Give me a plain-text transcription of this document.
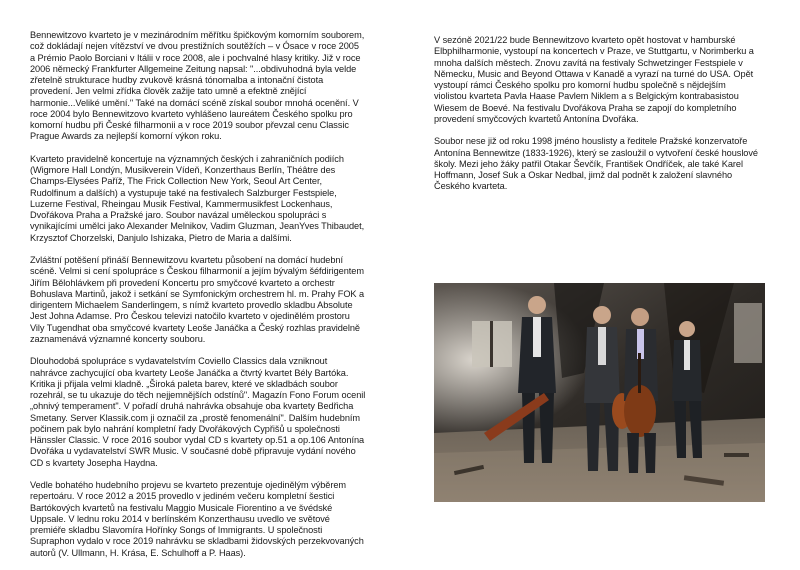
Bennewitzovo kvarteto je v mezinárodním měřítku špičkovým komorním souborem,
což dokládají nejen vítězství ve dvou prestižních soutěžích – v Ósace v roce 2005
a Prémio Paolo Borciani v Itálii v roce 2008, ale i pochvalné hlasy kritiky. Již v roce
2006 německý Frankfurter Allgemeine Zeitung napsal: "...obdivuhodná byla velde
zřetelně strukturace hudby zvukově krásná tónomalba a intonační čistota
provedení. Jen velmi zřídka člověk zažije tato umně a efektně znějící
harmonie...Veliké umění." Také na domácí scéně získal soubor mnohá ocenění. V
roce 2004 bylo Bennewitzovo kvarteto vyhlášeno laureátem Českého spolku pro
komorní hudbu při České filharmonii a v roce 2019 soubor převzal cenu Classic
Prague Awards za nejlepší komorní výkon roku.

Kvarteto pravidelně koncertuje na významných českých i zahraničních podiích
(Wigmore Hall Londýn, Musikverein Vídeň, Konzerthaus Berlín, Théâtre des
Champs-Elysées Paříž, The Frick Collection New York, Seoul Art Center,
Rudolfinum a dalších) a vystupuje také na festivalech Salzburger Festspiele,
Luzerne Festival, Rheingau Musik Festival, Kammermusikfest Lockenhaus,
Dvořákova Praha a Pražské jaro. Soubor navázal uměleckou spolupráci s
vynikajícími umělci jako Alexander Melnikov, Vadim Gluzman, JeanYves Thibaudet,
Krzysztof Chorzelski, Danjulo Ishizaka, Pietro de Maria a dalšími.

Zvláštní potěšení přináší Bennewitzovu kvartetu působení na domácí hudební
scéně. Velmi si cení spolupráce s Českou filharmonií a jejím bývalým šéfdirigentem
Jiřím Bělohlávkem při provedení Koncertu pro smyčcové kvarteto a orchestr
Bohuslava Martinů, jakož i setkání se Symfonickým orchestrem hl. m. Prahy FOK a
dirigentem Michaelem Sanderlingem, s nímž kvarteto provedlo skladbu Absolute
Jest Johna Adamse. Pro Českou televizi natočilo kvarteto v ojedinělém prostoru
Vily Tugendhat oba smyčcové kvartety Leoše Janáčka a Český rozhlas pravidelně
zaznamenává významné koncerty souboru.

Dlouhodobá spolupráce s vydavatelstvím Coviello Classics dala vzniknout
nahrávce zachycující oba kvartety Leoše Janáčka a čtvrtý kvartet Bély Bartóka.
Kritika ji přijala velmi kladně. „Široká paleta barev, které ve skladbách soubor
rozehrál, se tu ukazuje do těch nejjemnějších odstínů". Magazín Fono Forum ocenil
„ohnivý temperament". V pořadí druhá nahrávka obsahuje oba kvartety Bedřicha
Smetany. Server Klassik.com ji označil za „prostě fenomenální". Dalším hudebním
počinem pak bylo nahrání kompletní řady Dvořákových Cypřišů u společnosti
Hänssler Classic. V roce 2016 soubor vydal CD s kvartety op.51 a op.106 Antonína
Dvořáka u vydavatelství SWR Music. V současné době připravuje vydání nového
CD s kvartety Josepha Haydna.

Vedle bohatého hudebního projevu se kvarteto prezentuje ojedinělým výběrem
repertoáru. V roce 2012 a 2015 provedlo v jediném večeru kompletní šestici
Bartókových kvartetů na festivalu Maggio Musicale Fiorentino a ve švédské
Uppsale. V lednu roku 2014 v berlínském Konzerthausu uvedlo ve světové
premiéře skladbu Slavomíra Hořínky Songs of Immigrants. U společnosti
Supraphon vydalo v roce 2019 nahrávku se skladbami židovských perzekvovaných
autorů (V. Ullmann, H. Krása, E. Schulhoff a P. Haas).

V sezóně 2021/22 bude Bennewitzovo kvarteto opět hostovat v hamburské
Elbphilharmonie, vystoupí na koncertech v Praze, ve Stuttgartu, v Norimberku a
mnoha dalších městech. Znovu zavítá na festivaly Schwetzinger Festspiele v
Německu, Music and Beyond Ottawa v Kanadě a vyrazí na turné do USA. Opět
vystoupí rámci Českého spolku pro komorní hudbu společně s nějdejším
violistou kvarteta Pavla Haase Pavlem Niklem a s Belgickým kontrabasistou
Wiesem de Boevé. Na festivalu Dvořákova Praha se zapojí do kompletního
provedení smyčcových kvartetů Antonína Dvořáka.

Soubor nese již od roku 1998 jméno houslisty a ředitele Pražské konzervatoře
Antonína Bennewitze (1833-1926), který se zasloužil o vytvoření české houslové
školy. Mezi jeho žáky patřil Otakar Ševčík, František Ondříček, ale také Karel
Hoffmann, Josef Suk a Oskar Nedbal, jimž dal podnět k založení slavného
Českého kvarteta.
